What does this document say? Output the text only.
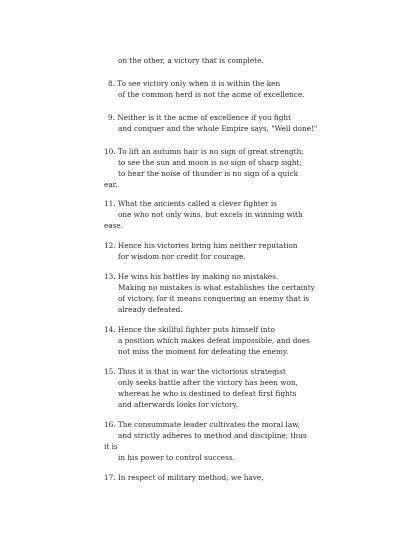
on the other, a victory that is complete.
8. To see victory only when it is within the ken
of the common herd is not the acme of excellence.
9. Neither is it the acme of excellence if you fight
and conquer and the whole Empire says, "Well done!"
10. To lift an autumn hair is no sign of great strength;
to see the sun and moon is no sign of sharp sight;
to hear the noise of thunder is no sign of a quick
ear.
11. What the ancients called a clever fighter is
one who not only wins, but excels in winning with
ease.
12. Hence his victories bring him neither reputation
for wisdom nor credit for courage.
13. He wins his battles by making no mistakes.
Making no mistakes is what establishes the certainty
of victory, for it means conquering an enemy that is
already defeated.
14. Hence the skillful fighter puts himself into
a position which makes defeat impossible, and does
not miss the moment for defeating the enemy.
15. Thus it is that in war the victorious strategist
only seeks battle after the victory has been won,
whereas he who is destined to defeat first fights
and afterwards looks for victory.
16. The consummate leader cultivates the moral law,
and strictly adheres to method and discipline; thus
it is
in his power to control success.
17. In respect of military method, we have,
